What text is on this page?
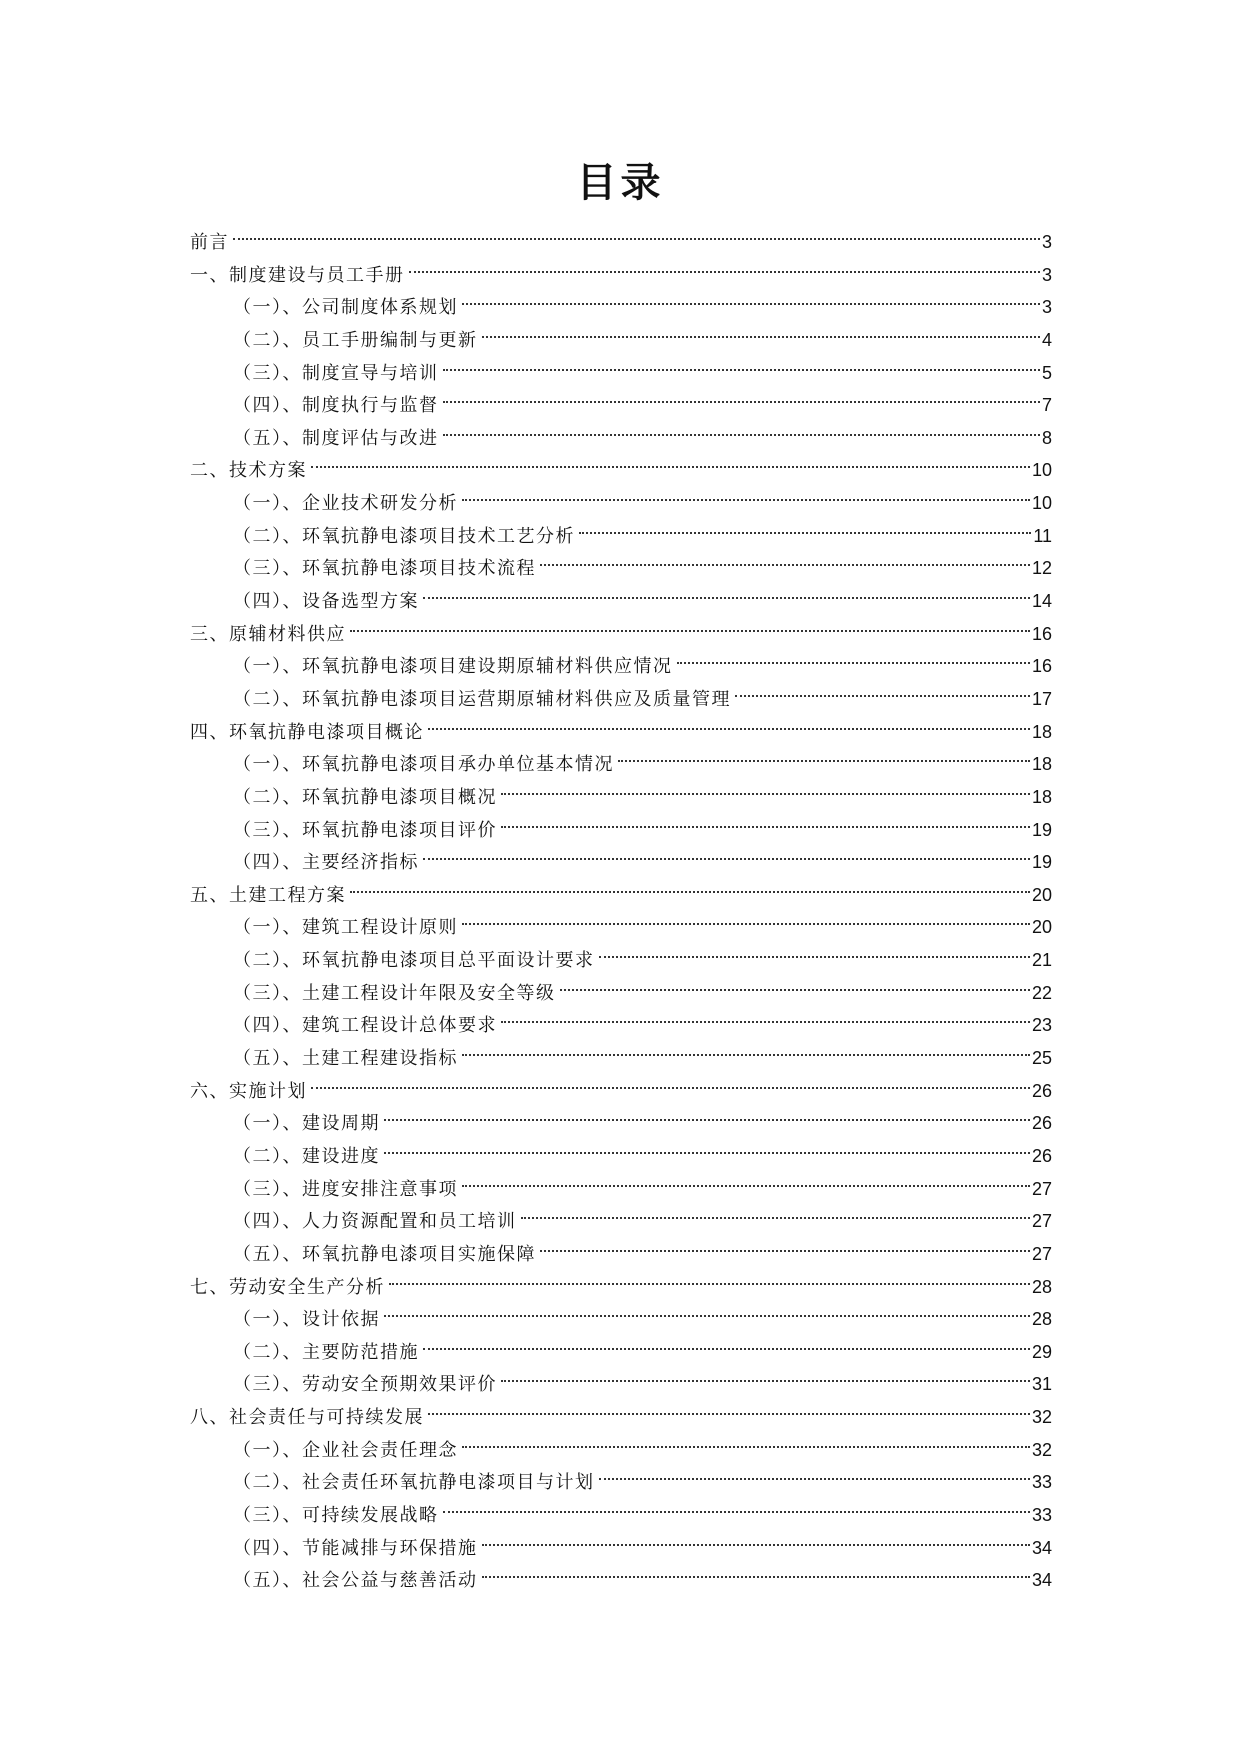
目录
前言	3
一、制度建设与员工手册	3
（一）、公司制度体系规划	3
（二）、员工手册编制与更新	4
（三）、制度宣导与培训	5
（四）、制度执行与监督	7
（五）、制度评估与改进	8
二、技术方案	10
（一）、企业技术研发分析	10
（二）、环氧抗静电漆项目技术工艺分析	11
（三）、环氧抗静电漆项目技术流程	12
（四）、设备选型方案	14
三、原辅材料供应	16
（一）、环氧抗静电漆项目建设期原辅材料供应情况	16
（二）、环氧抗静电漆项目运营期原辅材料供应及质量管理	17
四、环氧抗静电漆项目概论	18
（一）、环氧抗静电漆项目承办单位基本情况	18
（二）、环氧抗静电漆项目概况	18
（三）、环氧抗静电漆项目评价	19
（四）、主要经济指标	19
五、土建工程方案	20
（一）、建筑工程设计原则	20
（二）、环氧抗静电漆项目总平面设计要求	21
（三）、土建工程设计年限及安全等级	22
（四）、建筑工程设计总体要求	23
（五）、土建工程建设指标	25
六、实施计划	26
（一）、建设周期	26
（二）、建设进度	26
（三）、进度安排注意事项	27
（四）、人力资源配置和员工培训	27
（五）、环氧抗静电漆项目实施保障	27
七、劳动安全生产分析	28
（一）、设计依据	28
（二）、主要防范措施	29
（三）、劳动安全预期效果评价	31
八、社会责任与可持续发展	32
（一）、企业社会责任理念	32
（二）、社会责任环氧抗静电漆项目与计划	33
（三）、可持续发展战略	33
（四）、节能减排与环保措施	34
（五）、社会公益与慈善活动	34
